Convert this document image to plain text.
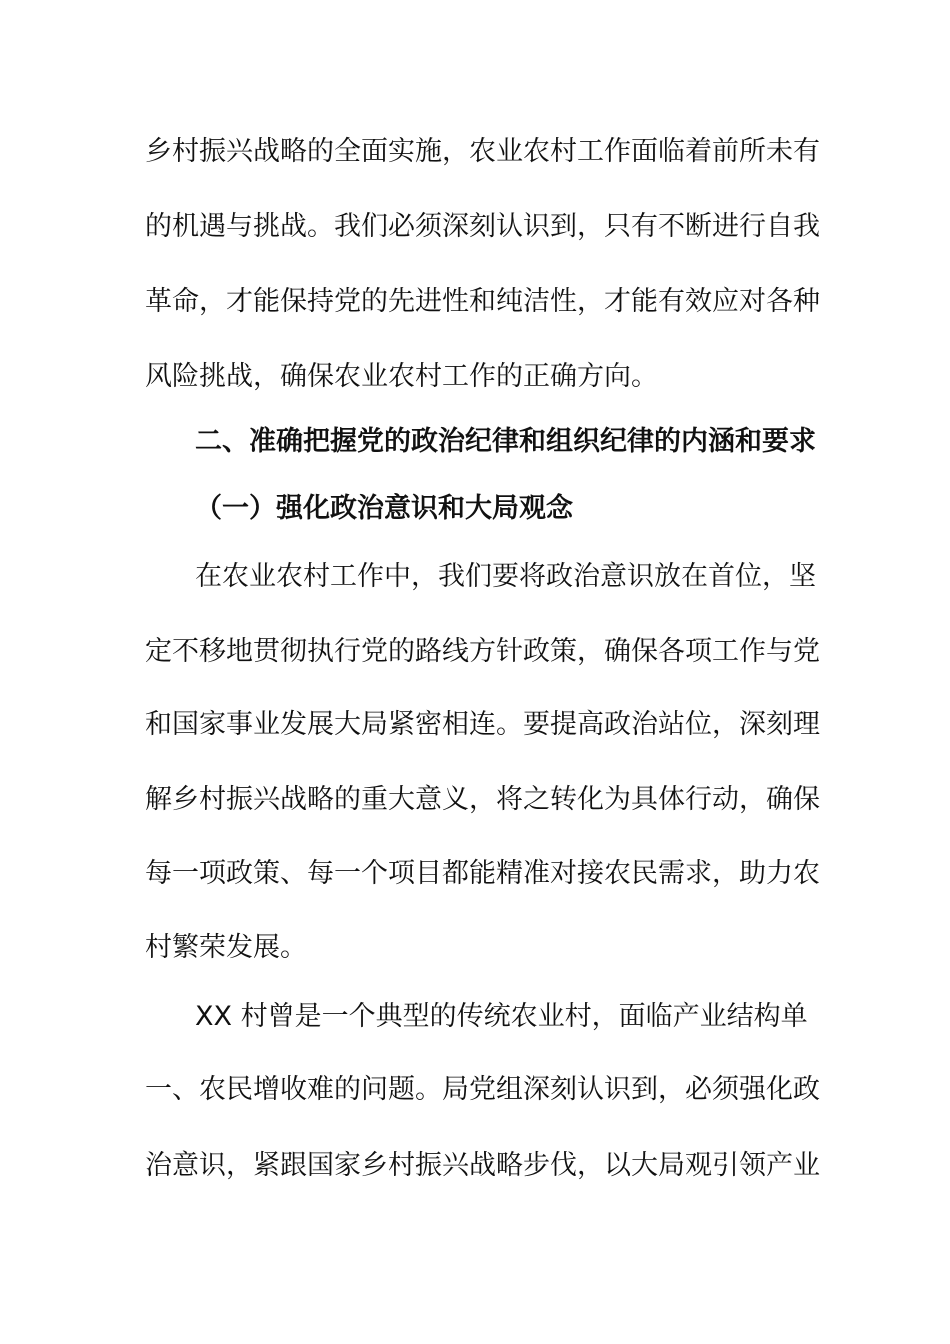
乡村振兴战略的全面实施，农业农村工作面临着前所未有
的机遇与挑战。我们必须深刻认识到，只有不断进行自我
革命，才能保持党的先进性和纯洁性，才能有效应对各种
风险挑战，确保农业农村工作的正确方向。
二、准确把握党的政治纪律和组织纪律的内涵和要求
（一）强化政治意识和大局观念
在农业农村工作中，我们要将政治意识放在首位，坚
定不移地贯彻执行党的路线方针政策，确保各项工作与党
和国家事业发展大局紧密相连。要提高政治站位，深刻理
解乡村振兴战略的重大意义，将之转化为具体行动，确保
每一项政策、每一个项目都能精准对接农民需求，助力农
村繁荣发展。
XX 村曾是一个典型的传统农业村，面临产业结构单
一、农民增收难的问题。局党组深刻认识到，必须强化政
治意识，紧跟国家乡村振兴战略步伐，以大局观引领产业
